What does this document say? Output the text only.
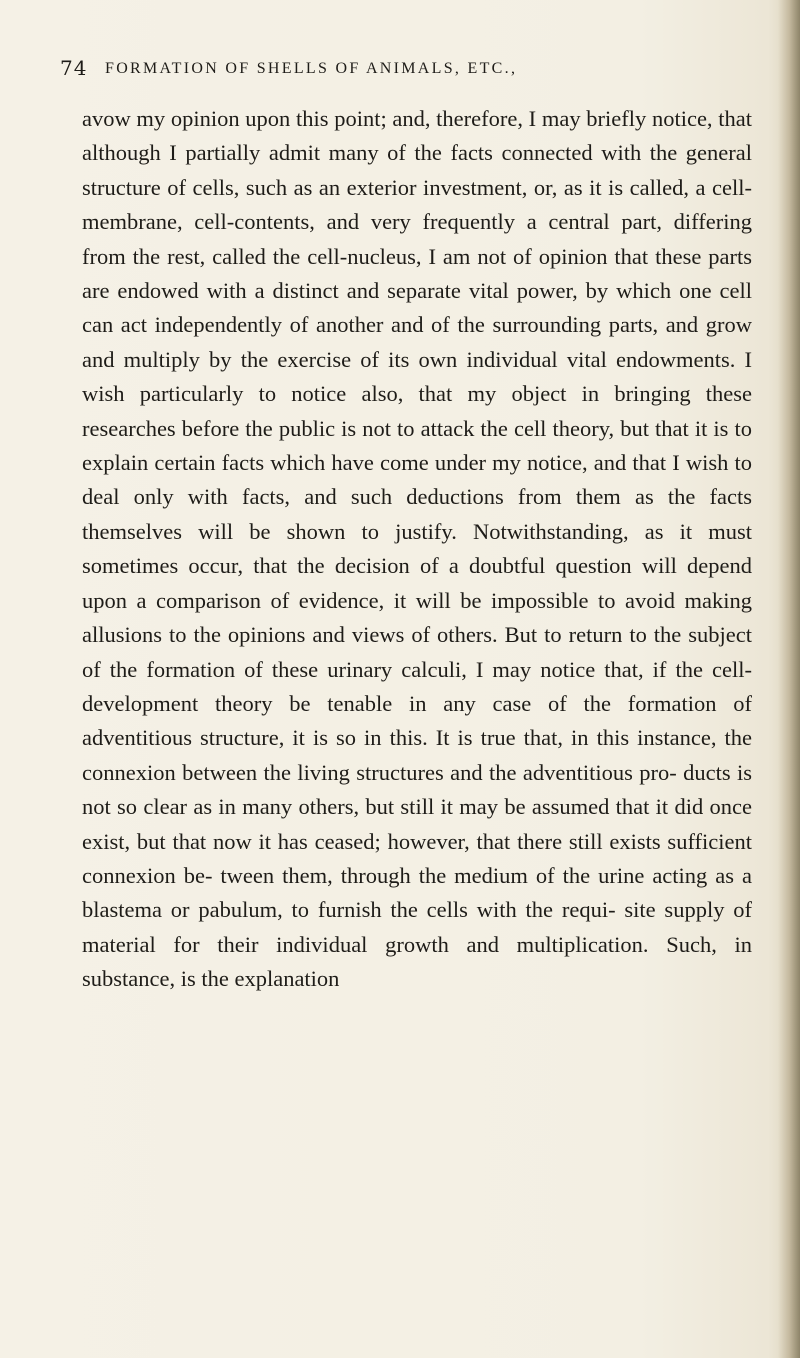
74 FORMATION OF SHELLS OF ANIMALS, ETC.,

avow my opinion upon this point; and, therefore, I may briefly notice, that although I partially admit many of the facts connected with the general structure of cells, such as an exterior investment, or, as it is called, a cell-membrane, cell-contents, and very frequently a central part, differing from the rest, called the cell-nucleus, I am not of opinion that these parts are endowed with a distinct and separate vital power, by which one cell can act independently of another and of the surrounding parts, and grow and multiply by the exercise of its own individual vital endowments. I wish particularly to notice also, that my object in bringing these researches before the public is not to attack the cell theory, but that it is to explain certain facts which have come under my notice, and that I wish to deal only with facts, and such deductions from them as the facts themselves will be shown to justify. Notwithstanding, as it must sometimes occur, that the decision of a doubtful question will depend upon a comparison of evidence, it will be impossible to avoid making allusions to the opinions and views of others. But to return to the subject of the formation of these urinary calculi, I may notice that, if the cell-development theory be tenable in any case of the formation of adventitious structure, it is so in this. It is true that, in this instance, the connexion between the living structures and the adventitious pro- ducts is not so clear as in many others, but still it may be assumed that it did once exist, but that now it has ceased; however, that there still exists sufficient connexion be- tween them, through the medium of the urine acting as a blastema or pabulum, to furnish the cells with the requi- site supply of material for their individual growth and multiplication. Such, in substance, is the explanation
